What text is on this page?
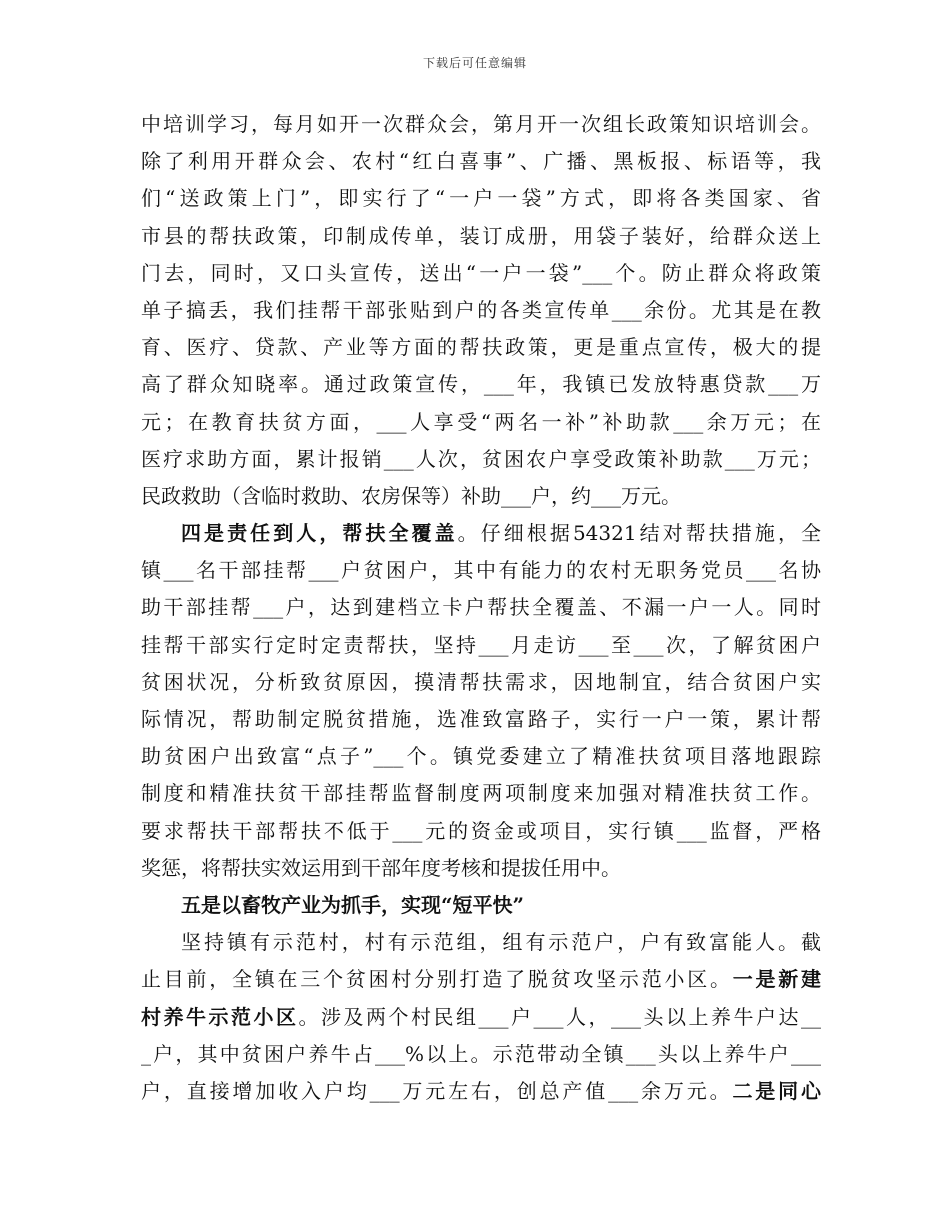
下载后可任意编辑
中培训学习，每月如开一次群众会，第月开一次组长政策知识培训会。
除了利用开群众会、农村“红白喜事”、广播、黑板报、标语等，我
们“送政策上门”，即实行了“一户一袋”方式，即将各类国家、省
市县的帮扶政策，印制成传单，装订成册，用袋子装好，给群众送上
门去，同时，又口头宣传，送出“一户一袋”___个。防止群众将政策
单子搞丢，我们挂帮干部张贴到户的各类宣传单___余份。尤其是在教
育、医疗、贷款、产业等方面的帮扶政策，更是重点宣传，极大的提
高了群众知晓率。通过政策宣传，___年，我镇已发放特惠贷款___万
元；在教育扶贫方面，___人享受“两名一补”补助款___余万元；在
医疗求助方面，累计报销___人次，贫困农户享受政策补助款___万元；
民政救助（含临时救助、农房保等）补助___户，约___万元。
四是责任到人，帮扶全覆盖。仔细根据54321结对帮扶措施，全
镇___名干部挂帮___户贫困户，其中有能力的农村无职务党员___名协
助干部挂帮___户，达到建档立卡户帮扶全覆盖、不漏一户一人。同时
挂帮干部实行定时定责帮扶，坚持___月走访___至___次，了解贫困户
贫困状况，分析致贫原因，摸清帮扶需求，因地制宜，结合贫困户实
际情况，帮助制定脱贫措施，选准致富路子，实行一户一策，累计帮
助贫困户出致富“点子”___个。镇党委建立了精准扶贫项目落地跟踪
制度和精准扶贫干部挂帮监督制度两项制度来加强对精准扶贫工作。
要求帮扶干部帮扶不低于___元的资金或项目，实行镇___监督，严格
奖惩，将帮扶实效运用到干部年度考核和提拔任用中。
五是以畜牧产业为抓手，实现“短平快”
坚持镇有示范村，村有示范组，组有示范户，户有致富能人。截
止目前，全镇在三个贫困村分别打造了脱贫攻坚示范小区。一是新建
村养牛示范小区。涉及两个村民组___户___人，___头以上养牛户达__
_户，其中贫困户养牛占___%以上。示范带动全镇___头以上养牛户___
户，直接增加收入户均___万元左右，创总产值___余万元。二是同心
